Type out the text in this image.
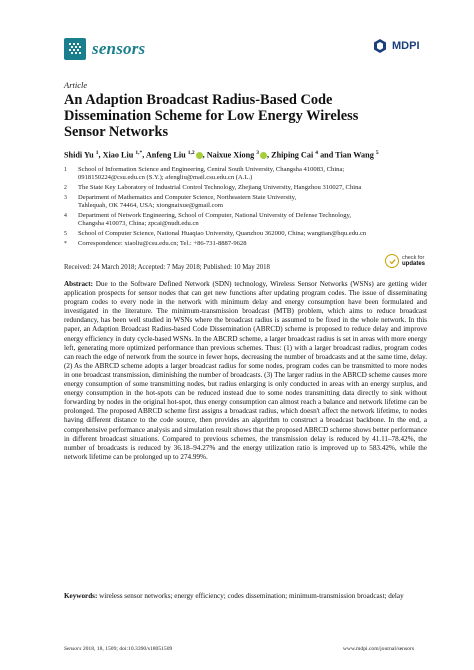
sensors	MDPI
Article
An Adaption Broadcast Radius-Based Code Dissemination Scheme for Low Energy Wireless Sensor Networks
Shidi Yu $^1$, Xiao Liu $^{1,*}$, Anfeng Liu $^{1,2}$ , Naixue Xiong $^3$ , Zhiping Cai $^4$ and Tian Wang $^5$
1 School of Information Science and Engineering, Central South University, Changsha 410083, China;
0918150224@csu.edu.cn (S.Y.); afengliu@mail.csu.edu.cn (A.L.)
2 The State Key Laboratory of Industrial Control Technology, Zhejiang University, Hangzhou 310027, China
3 Department of Mathematics and Computer Science, Northeastern State University,
Tahlequah, OK 74464, USA; xiongnaixue@gmail.com
4 Department of Network Engineering, School of Computer, National University of Defense Technology,
Changsha 410073, China; zpcai@nudt.edu.cn
5 School of Computer Science, National Huaqiao University, Quanzhou 362000, China; wangtian@hqu.edu.cn
* Correspondence: xiaoliu@csu.edu.cn; Tel.: +86-731-8887-9628
check for
updates
Received: 24 March 2018; Accepted: 7 May 2018; Published: 10 May 2018
Abstract: Due to the Software Defined Network (SDN) technology, Wireless Sensor Networks (WSNs) are getting wider application prospects for sensor nodes that can get new functions after updating program codes. The issue of disseminating program codes to every node in the network with minimum delay and energy consumption have been formulated and investigated in the literature. The minimum-transmission broadcast (MTB) problem, which aims to reduce broadcast redundancy, has been well studied in WSNs where the broadcast radius is assumed to be fixed in the whole network. In this paper, an Adaption Broadcast Radius-based Code Dissemination (ABRCD) scheme is proposed to reduce delay and improve energy efficiency in duty cycle-based WSNs. In the ABCRD scheme, a larger broadcast radius is set in areas with more energy left, generating more optimized performance than previous schemes. Thus: (1) with a larger broadcast radius, program codes can reach the edge of network from the source in fewer hops, decreasing the number of broadcasts and at the same time, delay. (2) As the ABRCD scheme adopts a larger broadcast radius for some nodes, program codes can be transmitted to more nodes in one broadcast transmission, diminishing the number of broadcasts. (3) The larger radius in the ABRCD scheme causes more energy consumption of some transmitting nodes, but radius enlarging is only conducted in areas with an energy surplus, and energy consumption in the hot-spots can be reduced instead due to some nodes transmitting data directly to sink without forwarding by nodes in the original hot-spot, thus energy consumption can almost reach a balance and network lifetime can be prolonged. The proposed ABRCD scheme first assigns a broadcast radius, which doesn't affect the network lifetime, to nodes having different distance to the code source, then provides an algorithm to construct a broadcast backbone. In the end, a comprehensive performance analysis and simulation result shows that the proposed ABRCD scheme shows better performance in different broadcast situations. Compared to previous schemes, the transmission delay is reduced by 41.11–78.42%, the number of broadcasts is reduced by 36.18–94.27% and the energy utilization ratio is improved up to 583.42%, while the network lifetime can be prolonged up to 274.99%.
Keywords: wireless sensor networks; energy efficiency; codes dissemination; minimum-transmission broadcast; delay
Sensors 2018, 18, 1509; doi:10.3390/s18051509	www.mdpi.com/journal/sensors
